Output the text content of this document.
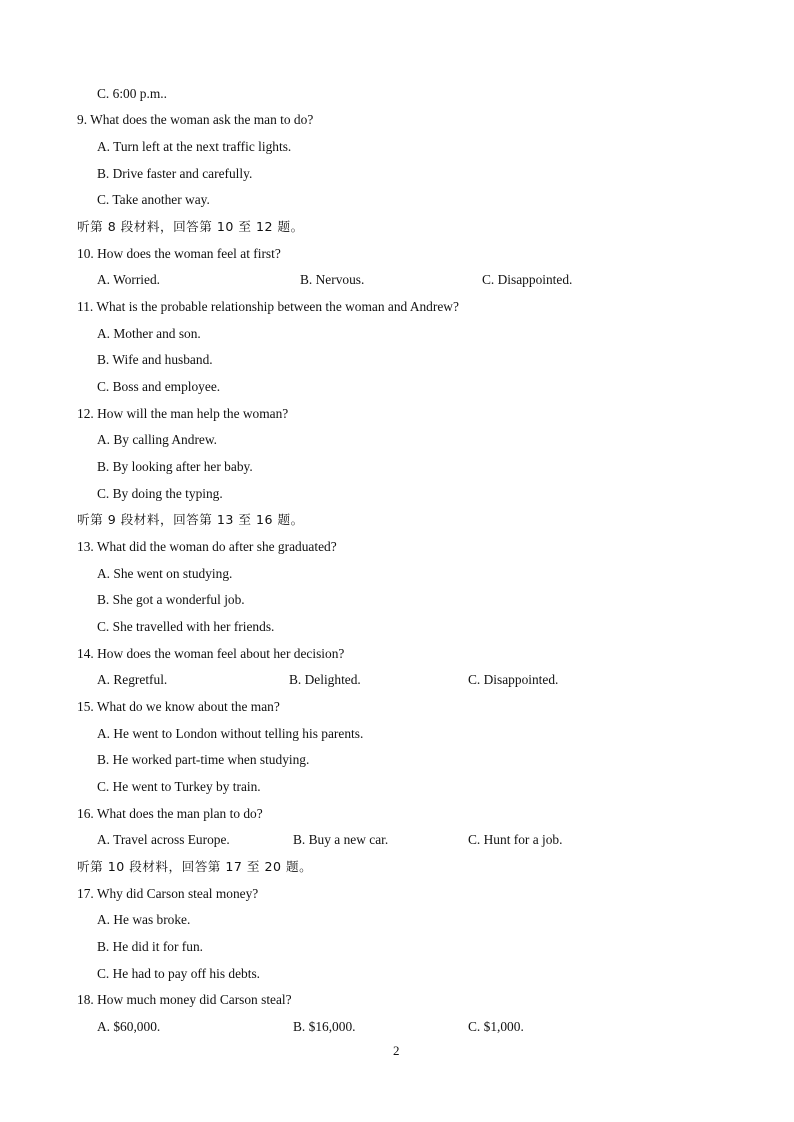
C. 6:00 p.m..
9. What does the woman ask the man to do?
A. Turn left at the next traffic lights.
B. Drive faster and carefully.
C. Take another way.
听第 8 段材料，回答第 10 至 12 题。
10. How does the woman feel at first?
A. Worried.	B. Nervous.	C. Disappointed.
11. What is the probable relationship between the woman and Andrew?
A. Mother and son.
B. Wife and husband.
C. Boss and employee.
12. How will the man help the woman?
A. By calling Andrew.
B. By looking after her baby.
C. By doing the typing.
听第 9 段材料，回答第 13 至 16 题。
13. What did the woman do after she graduated?
A. She went on studying.
B. She got a wonderful job.
C. She travelled with her friends.
14. How does the woman feel about her decision?
A. Regretful.	B. Delighted.	C. Disappointed.
15. What do we know about the man?
A. He went to London without telling his parents.
B. He worked part-time when studying.
C. He went to Turkey by train.
16. What does the man plan to do?
A. Travel across Europe.	B. Buy a new car.	C. Hunt for a job.
听第 10 段材料，回答第 17 至 20 题。
17. Why did Carson steal money?
A. He was broke.
B. He did it for fun.
C. He had to pay off his debts.
18. How much money did Carson steal?
A. $60,000.	B. $16,000.	C. $1,000.
2
